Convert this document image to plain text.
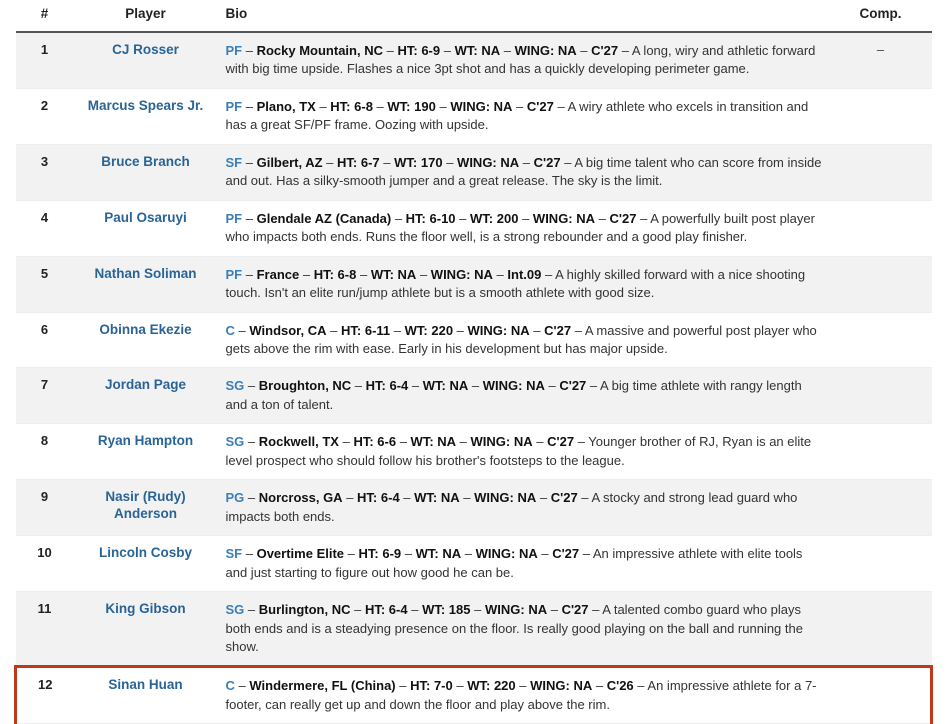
#	Player	Bio	Comp.
1	CJ Rosser	PF – Rocky Mountain, NC – HT: 6-9 – WT: NA – WING: NA – C'27 – A long, wiry and athletic forward with big time upside. Flashes a nice 3pt shot and has a quickly developing perimeter game.	–
2	Marcus Spears Jr.	PF – Plano, TX – HT: 6-8 – WT: 190 – WING: NA – C'27 – A wiry athlete who excels in transition and has a great SF/PF frame. Oozing with upside.	
3	Bruce Branch	SF – Gilbert, AZ – HT: 6-7 – WT: 170 – WING: NA – C'27 – A big time talent who can score from inside and out. Has a silky-smooth jumper and a great release. The sky is the limit.	
4	Paul Osaruyi	PF – Glendale AZ (Canada) – HT: 6-10 – WT: 200 – WING: NA – C'27 – A powerfully built post player who impacts both ends. Runs the floor well, is a strong rebounder and a good play finisher.	
5	Nathan Soliman	PF – France – HT: 6-8 – WT: NA – WING: NA – Int.09 – A highly skilled forward with a nice shooting touch. Isn't an elite run/jump athlete but is a smooth athlete with good size.	
6	Obinna Ekezie	C – Windsor, CA – HT: 6-11 – WT: 220 – WING: NA – C'27 – A massive and powerful post player who gets above the rim with ease. Early in his development but has major upside.	
7	Jordan Page	SG – Broughton, NC – HT: 6-4 – WT: NA – WING: NA – C'27 – A big time athlete with rangy length and a ton of talent.	
8	Ryan Hampton	SG – Rockwell, TX – HT: 6-6 – WT: NA – WING: NA – C'27 – Younger brother of RJ, Ryan is an elite level prospect who should follow his brother's footsteps to the league.	
9	Nasir (Rudy) Anderson	PG – Norcross, GA – HT: 6-4 – WT: NA – WING: NA – C'27 – A stocky and strong lead guard who impacts both ends.	
10	Lincoln Cosby	SF – Overtime Elite – HT: 6-9 – WT: NA – WING: NA – C'27 – An impressive athlete with elite tools and just starting to figure out how good he can be.	
11	King Gibson	SG – Burlington, NC – HT: 6-4 – WT: 185 – WING: NA – C'27 – A talented combo guard who plays both ends and is a steadying presence on the floor. Is really good playing on the ball and running the show.	
12	Sinan Huan	C – Windermere, FL (China) – HT: 7-0 – WT: 220 – WING: NA – C'26 – An impressive athlete for a 7-footer, can really get up and down the floor and play above the rim.	
